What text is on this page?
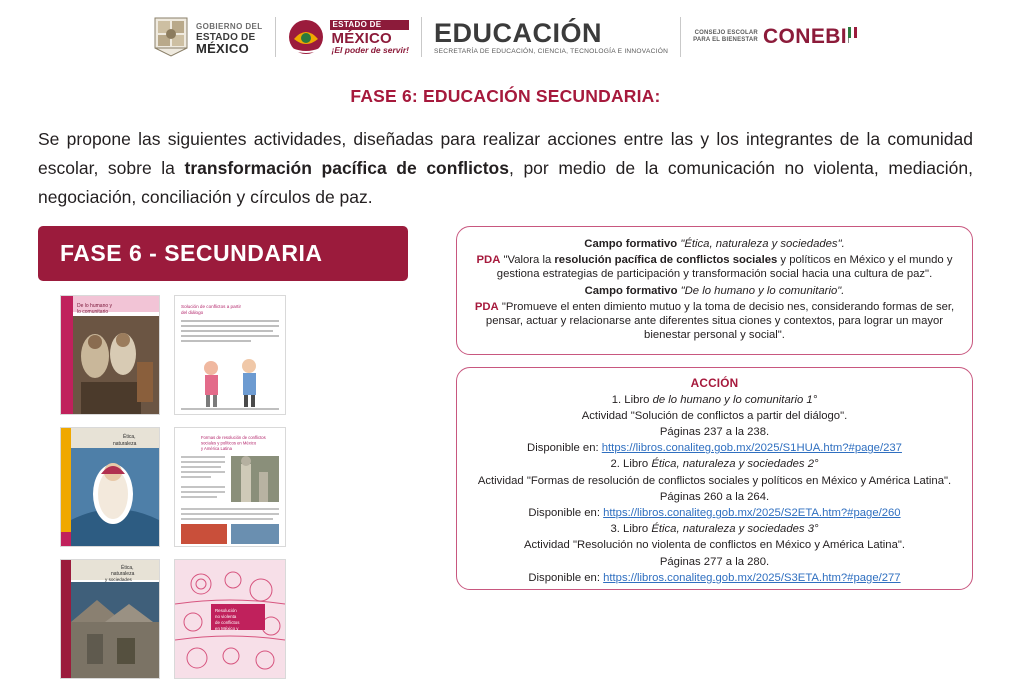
GOBIERNO DEL
ESTADO DE
MÉXICO
ESTADO DE
MÉXICO
¡El poder de servir!
EDUCACIÓN
SECRETARÍA DE EDUCACIÓN, CIENCIA, TECNOLOGÍA E INNOVACIÓN
CONSEJO ESCOLAR
PARA EL BIENESTAR CONEBI
FASE 6: EDUCACIÓN SECUNDARIA:
Se propone las siguientes actividades, diseñadas para realizar acciones entre las y los integrantes de la comunidad escolar, sobre la transformación pacífica de conflictos, por medio de la comunicación no violenta, mediación, negociación, conciliación y círculos de paz.
FASE 6 - SECUNDARIA
De lo humano y
lo comunitario
Solución de conflictos a partir
del diálogo
Ética,
naturaleza
Formas de resolución de conflictos
sociales y políticos en México
y América Latina
Ética,
naturaleza
y sociedades
Resolución
no violenta
de conflictos
en México y
Campo formativo "Ética, naturaleza y sociedades".
PDA "Valora la resolución pacífica de conflictos sociales y políticos en México y el mundo y gestiona estrategias de participación y transformación social hacia una cultura de paz".
Campo formativo "De lo humano y lo comunitario".
PDA "Promueve el enten dimiento mutuo y la toma de decisio nes, considerando formas de ser, pensar, actuar y relacionarse ante diferentes situa ciones y contextos, para lograr un mayor bienestar personal y social".
ACCIÓN
1. Libro de lo humano y lo comunitario 1°
Actividad "Solución de conflictos a partir del diálogo".
Páginas 237 a la 238.
Disponible en: https://libros.conaliteg.gob.mx/2025/S1HUA.htm?#page/237
2. Libro Ética, naturaleza y sociedades 2°
Actividad "Formas de resolución de conflictos sociales y políticos en México y América Latina".
Páginas 260 a la 264.
Disponible en: https://libros.conaliteg.gob.mx/2025/S2ETA.htm?#page/260
3. Libro Ética, naturaleza y sociedades 3°
Actividad "Resolución no violenta de conflictos en México y América Latina".
Páginas 277 a la 280.
Disponible en: https://libros.conaliteg.gob.mx/2025/S3ETA.htm?#page/277
